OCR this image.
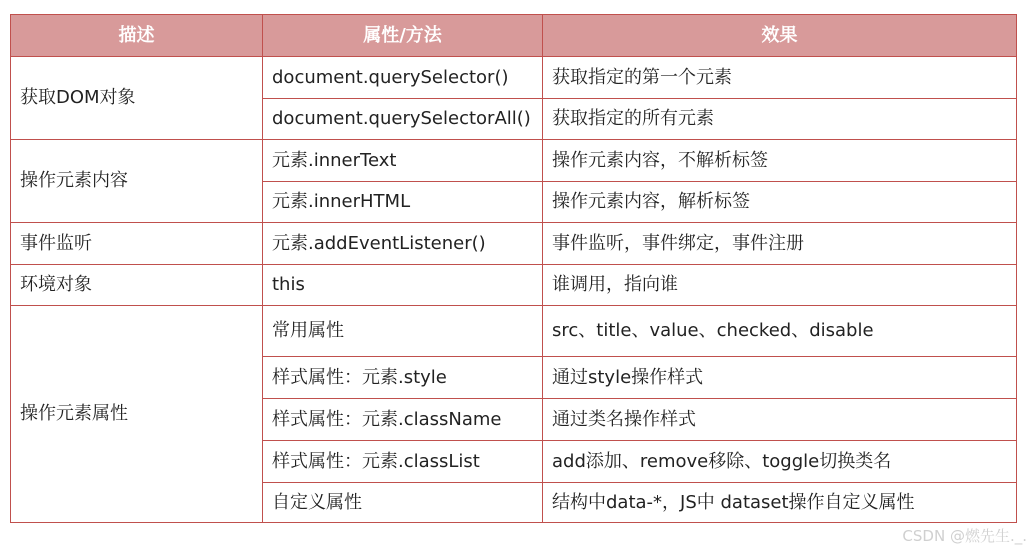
描述	属性/方法	效果
获取DOM对象	document.querySelector()	获取指定的第一个元素
	document.querySelectorAll()	获取指定的所有元素
操作元素内容	元素.innerText	操作元素内容，不解析标签
	元素.innerHTML	操作元素内容，解析标签
事件监听	元素.addEventListener()	事件监听，事件绑定，事件注册
环境对象	this	谁调用，指向谁
操作元素属性	常用属性	src、title、value、checked、disable
	样式属性：元素.style	通过style操作样式
	样式属性：元素.className	通过类名操作样式
	样式属性：元素.classList	add添加、remove移除、toggle切换类名
	自定义属性	结构中data-*，JS中 dataset操作自定义属性
CSDN @燃先生._.
